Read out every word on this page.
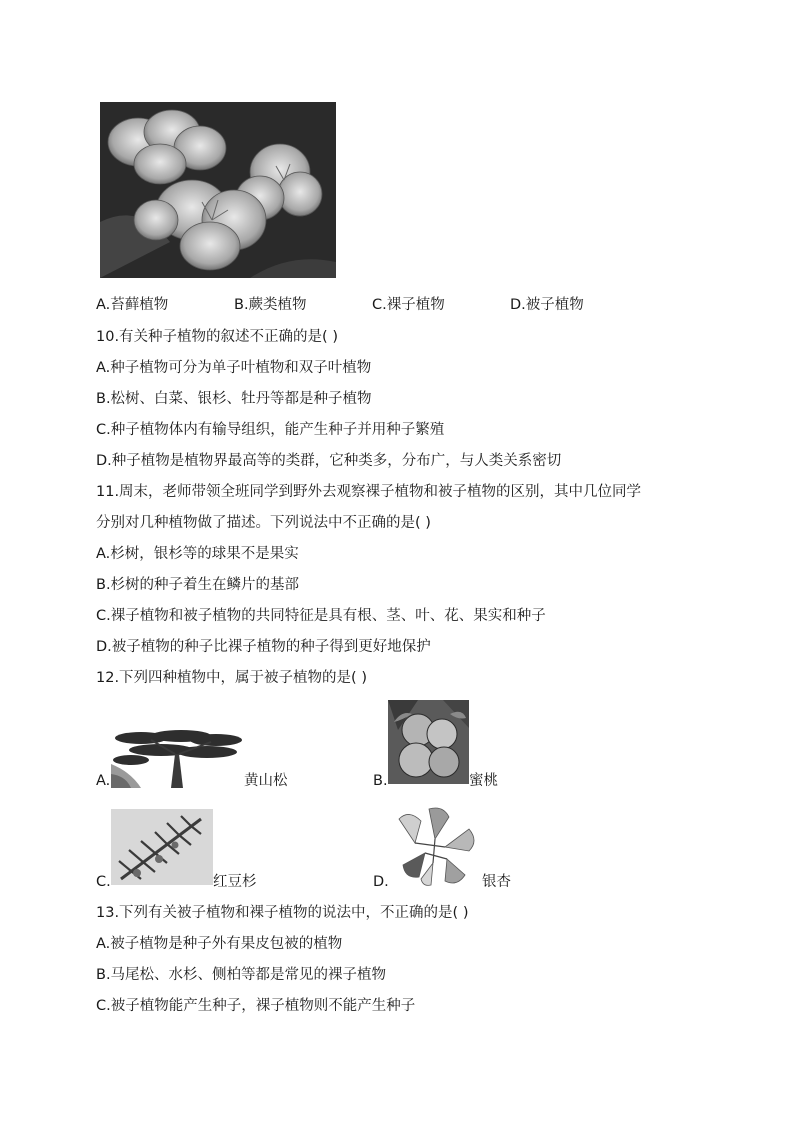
A.苔藓植物	B.蕨类植物	C.裸子植物	D.被子植物
10.有关种子植物的叙述不正确的是( )
A.种子植物可分为单子叶植物和双子叶植物
B.松树、白菜、银杉、牡丹等都是种子植物
C.种子植物体内有输导组织，能产生种子并用种子繁殖
D.种子植物是植物界最高等的类群，它种类多，分布广，与人类关系密切
11.周末，老师带领全班同学到野外去观察裸子植物和被子植物的区别，其中几位同学
分别对几种植物做了描述。下列说法中不正确的是( )
A.杉树，银杉等的球果不是果实
B.杉树的种子着生在鳞片的基部
C.裸子植物和被子植物的共同特征是具有根、茎、叶、花、果实和种子
D.被子植物的种子比裸子植物的种子得到更好地保护
12.下列四种植物中，属于被子植物的是( )
A.	黄山松	B.	蜜桃
C.	红豆杉	D.	银杏
13.下列有关被子植物和裸子植物的说法中，不正确的是( )
A.被子植物是种子外有果皮包被的植物
B.马尾松、水杉、侧柏等都是常见的裸子植物
C.被子植物能产生种子，裸子植物则不能产生种子
